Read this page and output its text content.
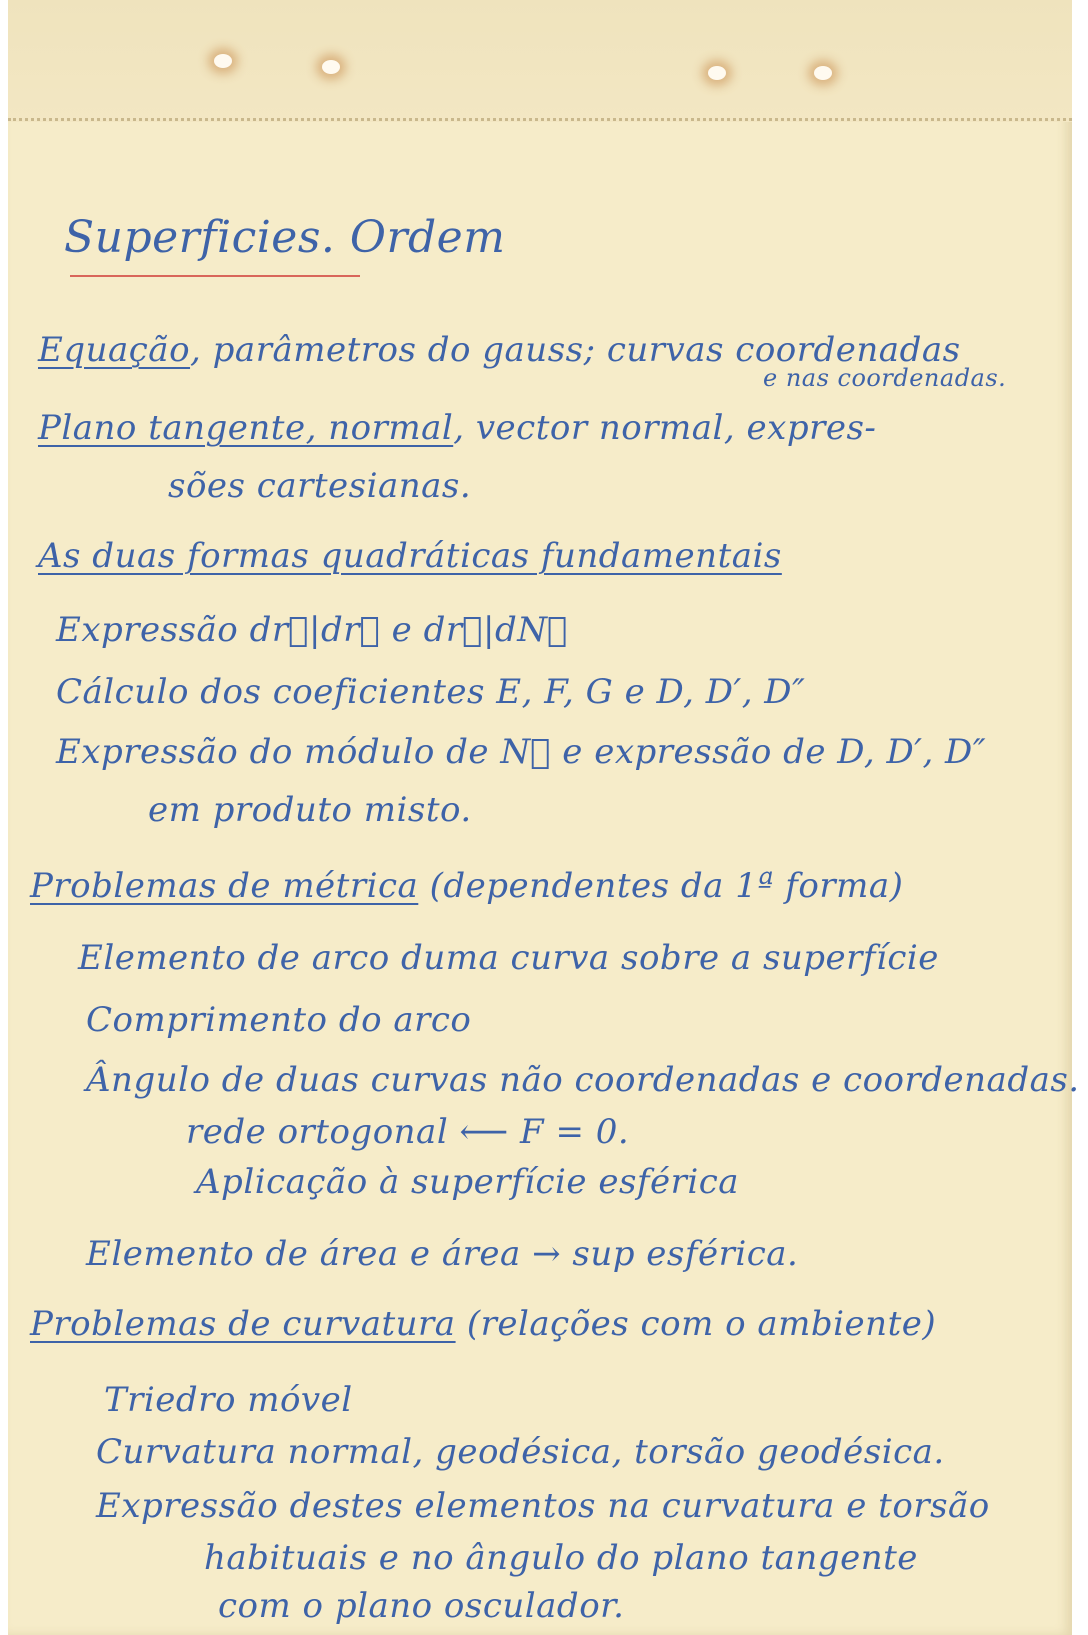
Superficies. Ordem
Equação, parâmetros do gauss; curvas coordenadas
e nas coordenadas.
Plano tangente, normal, vector normal, expres-
sões cartesianas.
As duas formas quadráticas fundamentais
Expressão dr⃗|dr⃗ e dr⃗|dN⃗
Cálculo dos coeficientes E, F, G e D, D′, D″
Expressão do módulo de N⃗ e expressão de D, D′, D″
em produto misto.
Problemas de métrica (dependentes da 1ª forma)
Elemento de arco duma curva sobre a superfície
Comprimento do arco
Ângulo de duas curvas não coordenadas e coordenadas.
rede ortogonal ⟵ F = 0.
Aplicação à superfície esférica
Elemento de área e área → sup esférica.
Problemas de curvatura (relações com o ambiente)
Triedro móvel
Curvatura normal, geodésica, torsão geodésica.
Expressão destes elementos na curvatura e torsão
habituais e no ângulo do plano tangente
com o plano osculador.
